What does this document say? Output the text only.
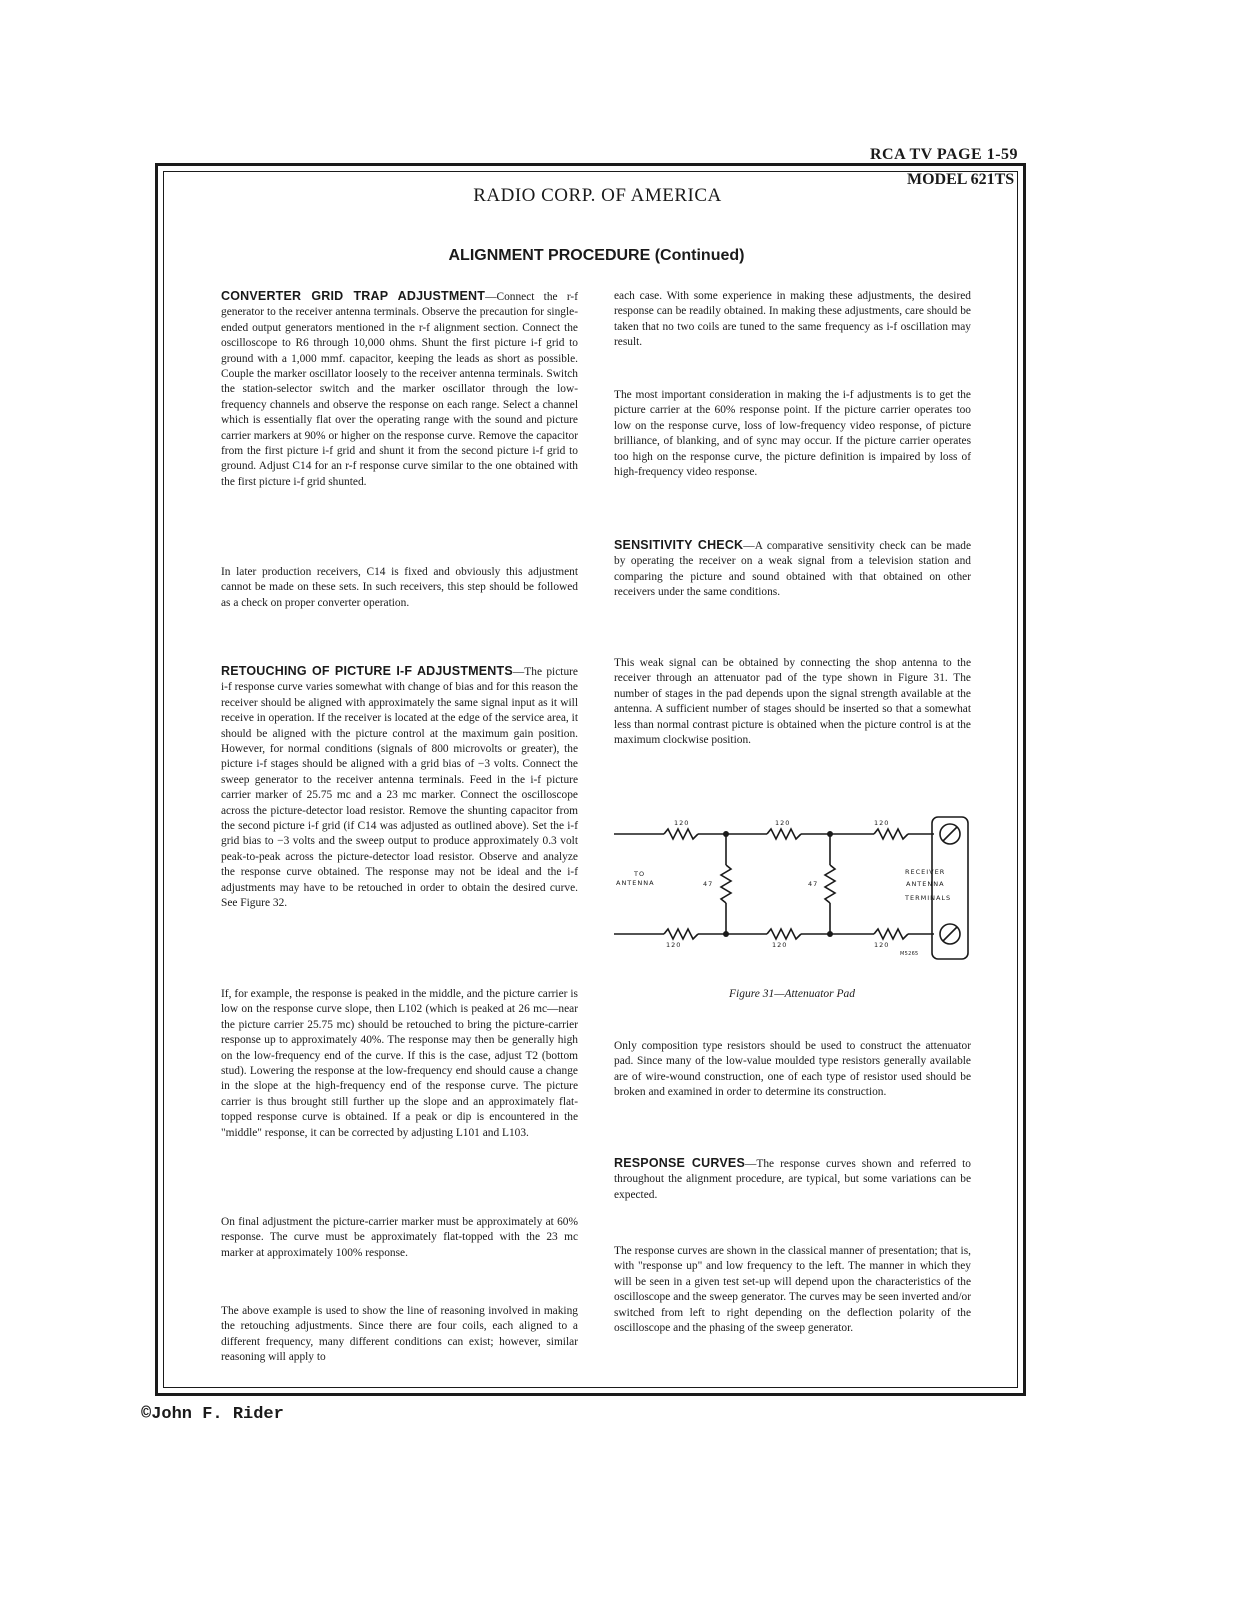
RCA TV PAGE 1-59
MODEL 621TS
RADIO CORP. OF AMERICA
ALIGNMENT PROCEDURE (Continued)

CONVERTER GRID TRAP ADJUSTMENT—Connect the r-f generator to the receiver antenna terminals. Observe the precaution for single-ended output generators mentioned in the r-f alignment section. Connect the oscilloscope to R6 through 10,000 ohms. Shunt the first picture i-f grid to ground with a 1,000 mmf. capacitor, keeping the leads as short as possible. Couple the marker oscillator loosely to the receiver antenna terminals. Switch the station-selector switch and the marker oscillator through the low-frequency channels and observe the response on each range. Select a channel which is essentially flat over the operating range with the sound and picture carrier markers at 90% or higher on the response curve. Remove the capacitor from the first picture i-f grid and shunt it from the second picture i-f grid to ground. Adjust C14 for an r-f response curve similar to the one obtained with the first picture i-f grid shunted.

In later production receivers, C14 is fixed and obviously this adjustment cannot be made on these sets. In such receivers, this step should be followed as a check on proper converter operation.

RETOUCHING OF PICTURE I-F ADJUSTMENTS—The picture i-f response curve varies somewhat with change of bias and for this reason the receiver should be aligned with approximately the same signal input as it will receive in operation. If the receiver is located at the edge of the service area, it should be aligned with the picture control at the maximum gain position. However, for normal conditions (signals of 800 microvolts or greater), the picture i-f stages should be aligned with a grid bias of −3 volts. Connect the sweep generator to the receiver antenna terminals. Feed in the i-f picture carrier marker of 25.75 mc and a 23 mc marker. Connect the oscilloscope across the picture-detector load resistor. Remove the shunting capacitor from the second picture i-f grid (if C14 was adjusted as outlined above). Set the i-f grid bias to −3 volts and the sweep output to produce approximately 0.3 volt peak-to-peak across the picture-detector load resistor. Observe and analyze the response curve obtained. The response may not be ideal and the i-f adjustments may have to be retouched in order to obtain the desired curve. See Figure 32.

If, for example, the response is peaked in the middle, and the picture carrier is low on the response curve slope, then L102 (which is peaked at 26 mc—near the picture carrier 25.75 mc) should be retouched to bring the picture-carrier response up to approximately 40%. The response may then be generally high on the low-frequency end of the curve. If this is the case, adjust T2 (bottom stud). Lowering the response at the low-frequency end should cause a change in the slope at the high-frequency end of the response curve. The picture carrier is thus brought still further up the slope and an approximately flat-topped response curve is obtained. If a peak or dip is encountered in the "middle" response, it can be corrected by adjusting L101 and L103.

On final adjustment the picture-carrier marker must be approximately at 60% response. The curve must be approximately flat-topped with the 23 mc marker at approximately 100% response.

The above example is used to show the line of reasoning involved in making the retouching adjustments. Since there are four coils, each aligned to a different frequency, many different conditions can exist; however, similar reasoning will apply to

each case. With some experience in making these adjustments, the desired response can be readily obtained. In making these adjustments, care should be taken that no two coils are tuned to the same frequency as i-f oscillation may result.

The most important consideration in making the i-f adjustments is to get the picture carrier at the 60% response point. If the picture carrier operates too low on the response curve, loss of low-frequency video response, of picture brilliance, of blanking, and of sync may occur. If the picture carrier operates too high on the response curve, the picture definition is impaired by loss of high-frequency video response.

SENSITIVITY CHECK—A comparative sensitivity check can be made by operating the receiver on a weak signal from a television station and comparing the picture and sound obtained with that obtained on other receivers under the same conditions.

This weak signal can be obtained by connecting the shop antenna to the receiver through an attenuator pad of the type shown in Figure 31. The number of stages in the pad depends upon the signal strength available at the antenna. A sufficient number of stages should be inserted so that a somewhat less than normal contrast picture is obtained when the picture control is at the maximum clockwise position.

120	120	120
120	120	120
47	47
TO
ANTENNA
RECEIVER
ANTENNA
TERMINALS
M5265
Figure 31—Attenuator Pad

Only composition type resistors should be used to construct the attenuator pad. Since many of the low-value moulded type resistors generally available are of wire-wound construction, one of each type of resistor used should be broken and examined in order to determine its construction.

RESPONSE CURVES—The response curves shown and referred to throughout the alignment procedure, are typical, but some variations can be expected.

The response curves are shown in the classical manner of presentation; that is, with "response up" and low frequency to the left. The manner in which they will be seen in a given test set-up will depend upon the characteristics of the oscilloscope and the sweep generator. The curves may be seen inverted and/or switched from left to right depending on the deflection polarity of the oscilloscope and the phasing of the sweep generator.

©John F. Rider
